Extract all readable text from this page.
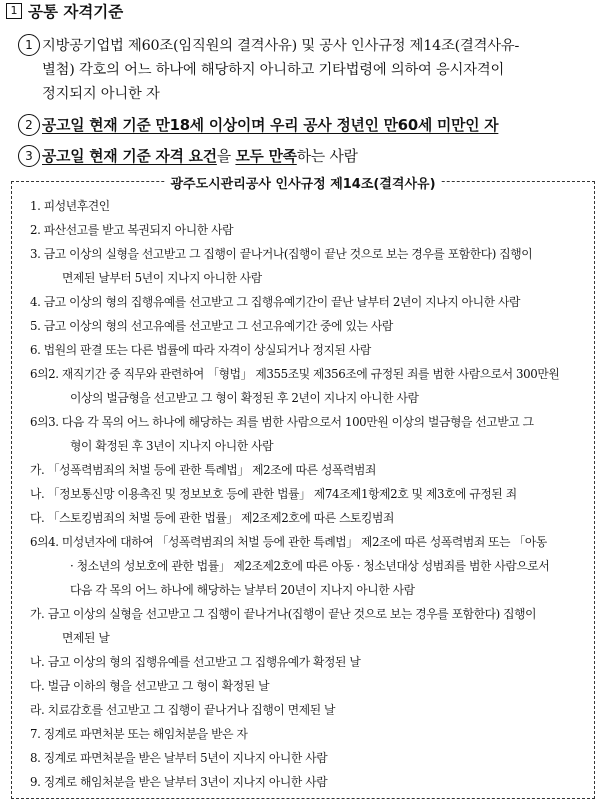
1 공통 자격기준
1 지방공기업법 제60조(임직원의 결격사유) 및 공사 인사규정 제14조(결격사유-
별첨) 각호의 어느 하나에 해당하지 아니하고 기타법령에 의하여 응시자격이
정지되지 아니한 자
2 공고일 현재 기준 만18세 이상이며 우리 공사 정년인 만60세 미만인 자
3 공고일 현재 기준 자격 요건을 모두 만족하는 사람
광주도시관리공사 인사규정 제14조(결격사유)
1. 피성년후견인
2. 파산선고를 받고 복권되지 아니한 사람
3. 금고 이상의 실형을 선고받고 그 집행이 끝나거나(집행이 끝난 것으로 보는 경우를 포함한다) 집행이
면제된 날부터 5년이 지나지 아니한 사람
4. 금고 이상의 형의 집행유예를 선고받고 그 집행유예기간이 끝난 날부터 2년이 지나지 아니한 사람
5. 금고 이상의 형의 선고유예를 선고받고 그 선고유예기간 중에 있는 사람
6. 법원의 판결 또는 다른 법률에 따라 자격이 상실되거나 정지된 사람
6의2. 재직기간 중 직무와 관련하여 「형법」 제355조및 제356조에 규정된 죄를 범한 사람으로서 300만원
이상의 벌금형을 선고받고 그 형이 확정된 후 2년이 지나지 아니한 사람
6의3. 다음 각 목의 어느 하나에 해당하는 죄를 범한 사람으로서 100만원 이상의 벌금형을 선고받고 그
형이 확정된 후 3년이 지나지 아니한 사람
가. 「성폭력범죄의 처벌 등에 관한 특례법」 제2조에 따른 성폭력범죄
나. 「정보통신망 이용촉진 및 정보보호 등에 관한 법률」 제74조제1항제2호 및 제3호에 규정된 죄
다. 「스토킹범죄의 처벌 등에 관한 법률」 제2조제2호에 따른 스토킹범죄
6의4. 미성년자에 대하여 「성폭력범죄의 처벌 등에 관한 특례법」 제2조에 따른 성폭력범죄 또는 「아동
· 청소년의 성보호에 관한 법률」 제2조제2호에 따른 아동 · 청소년대상 성범죄를 범한 사람으로서
다음 각 목의 어느 하나에 해당하는 날부터 20년이 지나지 아니한 사람
가. 금고 이상의 실형을 선고받고 그 집행이 끝나거나(집행이 끝난 것으로 보는 경우를 포함한다) 집행이
면제된 날
나. 금고 이상의 형의 집행유예를 선고받고 그 집행유예가 확정된 날
다. 벌금 이하의 형을 선고받고 그 형이 확정된 날
라. 치료감호를 선고받고 그 집행이 끝나거나 집행이 면제된 날
7. 징계로 파면처분 또는 해임처분을 받은 자
8. 징계로 파면처분을 받은 날부터 5년이 지나지 아니한 사람
9. 징계로 해임처분을 받은 날부터 3년이 지나지 아니한 사람
